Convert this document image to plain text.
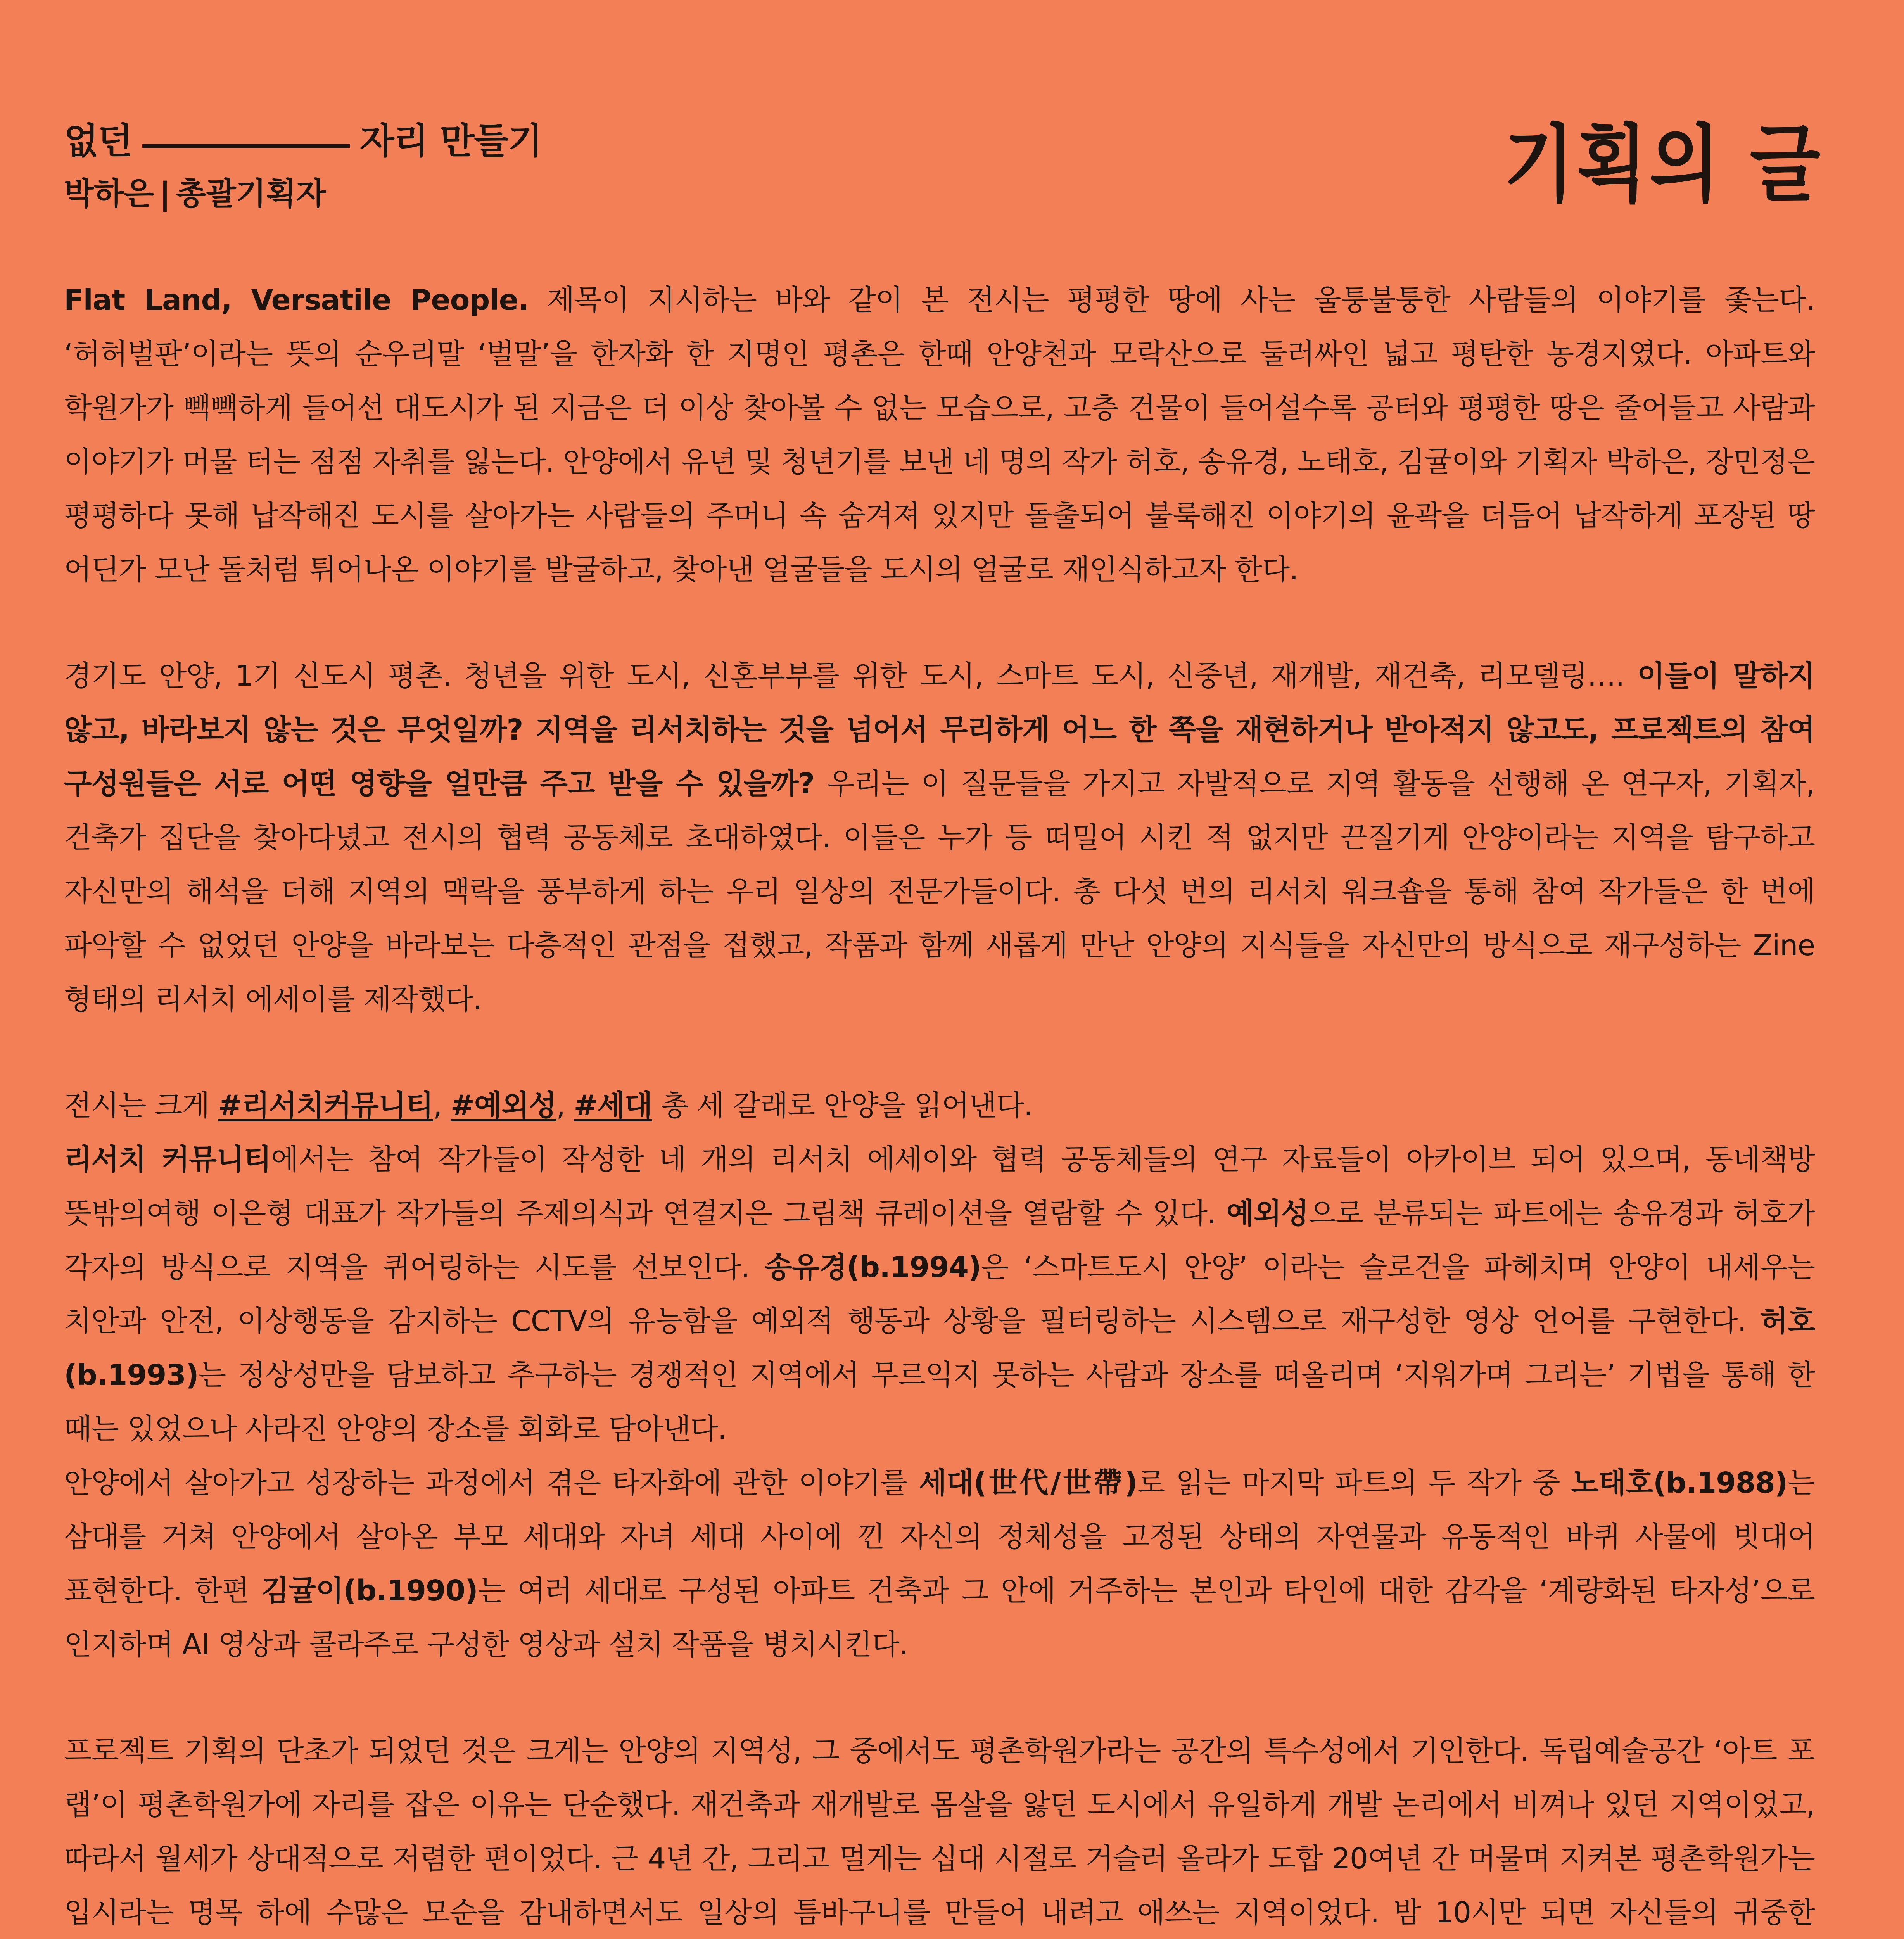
없던	자리 만들기
박하은 | 총괄기획자	기획의 글

Flat Land, Versatile People. 제목이 지시하는 바와 같이 본 전시는 평평한 땅에 사는 울퉁불퉁한 사람들의 이야기를 좇는다. ‘허허벌판’이라는 뜻의 순우리말 ‘벌말’을 한자화 한 지명인 평촌은 한때 안양천과 모락산으로 둘러싸인 넓고 평탄한 농경지였다. 아파트와 학원가가 빽빽하게 들어선 대도시가 된 지금은 더 이상 찾아볼 수 없는 모습으로, 고층 건물이 들어설수록 공터와 평평한 땅은 줄어들고 사람과 이야기가 머물 터는 점점 자취를 잃는다. 안양에서 유년 및 청년기를 보낸 네 명의 작가 허호, 송유경, 노태호, 김귤이와 기획자 박하은, 장민정은 평평하다 못해 납작해진 도시를 살아가는 사람들의 주머니 속 숨겨져 있지만 돌출되어 불룩해진 이야기의 윤곽을 더듬어 납작하게 포장된 땅 어딘가 모난 돌처럼 튀어나온 이야기를 발굴하고, 찾아낸 얼굴들을 도시의 얼굴로 재인식하고자 한다.

경기도 안양, 1기 신도시 평촌. 청년을 위한 도시, 신혼부부를 위한 도시, 스마트 도시, 신중년, 재개발, 재건축, 리모델링…. 이들이 말하지 않고, 바라보지 않는 것은 무엇일까? 지역을 리서치하는 것을 넘어서 무리하게 어느 한 쪽을 재현하거나 받아적지 않고도, 프로젝트의 참여 구성원들은 서로 어떤 영향을 얼만큼 주고 받을 수 있을까? 우리는 이 질문들을 가지고 자발적으로 지역 활동을 선행해 온 연구자, 기획자, 건축가 집단을 찾아다녔고 전시의 협력 공동체로 초대하였다. 이들은 누가 등 떠밀어 시킨 적 없지만 끈질기게 안양이라는 지역을 탐구하고 자신만의 해석을 더해 지역의 맥락을 풍부하게 하는 우리 일상의 전문가들이다. 총 다섯 번의 리서치 워크숍을 통해 참여 작가들은 한 번에 파악할 수 없었던 안양을 바라보는 다층적인 관점을 접했고, 작품과 함께 새롭게 만난 안양의 지식들을 자신만의 방식으로 재구성하는 Zine 형태의 리서치 에세이를 제작했다.

전시는 크게 #리서치커뮤니티, #예외성, #세대 총 세 갈래로 안양을 읽어낸다.

리서치 커뮤니티에서는 참여 작가들이 작성한 네 개의 리서치 에세이와 협력 공동체들의 연구 자료들이 아카이브 되어 있으며, 동네책방 뜻밖의여행 이은형 대표가 작가들의 주제의식과 연결지은 그림책 큐레이션을 열람할 수 있다. 예외성으로 분류되는 파트에는 송유경과 허호가 각자의 방식으로 지역을 퀴어링하는 시도를 선보인다. 송유경(b.1994)은 ‘스마트도시 안양’ 이라는 슬로건을 파헤치며 안양이 내세우는 치안과 안전, 이상행동을 감지하는 CCTV의 유능함을 예외적 행동과 상황을 필터링하는 시스템으로 재구성한 영상 언어를 구현한다. 허호(b.1993)는 정상성만을 담보하고 추구하는 경쟁적인 지역에서 무르익지 못하는 사람과 장소를 떠올리며 ‘지워가며 그리는’ 기법을 통해 한 때는 있었으나 사라진 안양의 장소를 회화로 담아낸다.

안양에서 살아가고 성장하는 과정에서 겪은 타자화에 관한 이야기를 세대(世代/世帶)로 읽는 마지막 파트의 두 작가 중 노태호(b.1988)는 삼대를 거쳐 안양에서 살아온 부모 세대와 자녀 세대 사이에 낀 자신의 정체성을 고정된 상태의 자연물과 유동적인 바퀴 사물에 빗대어 표현한다. 한편 김귤이(b.1990)는 여러 세대로 구성된 아파트 건축과 그 안에 거주하는 본인과 타인에 대한 감각을 ‘계량화된 타자성’으로 인지하며 AI 영상과 콜라주로 구성한 영상과 설치 작품을 병치시킨다.

프로젝트 기획의 단초가 되었던 것은 크게는 안양의 지역성, 그 중에서도 평촌학원가라는 공간의 특수성에서 기인한다. 독립예술공간 ‘아트 포 랩’이 평촌학원가에 자리를 잡은 이유는 단순했다. 재건축과 재개발로 몸살을 앓던 도시에서 유일하게 개발 논리에서 비껴나 있던 지역이었고, 따라서 월세가 상대적으로 저렴한 편이었다. 근 4년 간, 그리고 멀게는 십대 시절로 거슬러 올라가 도합 20여년 간 머물며 지켜본 평촌학원가는 입시라는 명목 하에 수많은 모순을 감내하면서도 일상의 틈바구니를 만들어 내려고 애쓰는 지역이었다. 밤 10시만 되면 자신들의 귀중한
